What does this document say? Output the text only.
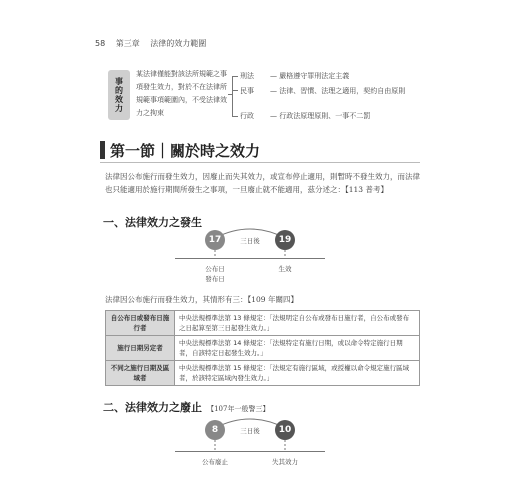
58 第三章 法律的效力範圍
事的效力
某法律僅能對該法所規範之事項發生效力，對於不在法律所規範事項範圍內，不受法律效力之拘束
刑法 — 嚴格遵守罪刑法定主義
民事 — 法律、習慣、法理之適用，契約自由原則
行政 — 行政法原理原則、一事不二罰
第一節｜關於時之效力
法律因公布施行而發生效力，因廢止而失其效力，或宣布停止適用，則暫時不發生效力，而法律也只能適用於施行期間所發生之事項，一旦廢止就不能適用，茲分述之：【113 普考】
一、法律效力之發生
17	19
三日後
公布日
發布日
生效
法律因公布施行而發生效力，其情形有三：【109 年關四】
自公布日或發布日施行者	中央法規標準法第 13 條規定：「法規明定自公布或發布日施行者，自公布或發布之日起算至第三日起發生效力。」
施行日期另定者	中央法規標準法第 14 條規定：「法規特定有施行日期，或以命令特定施行日期者，自該特定日起發生效力。」
不同之施行日期及區域者	中央法規標準法第 15 條規定：「法規定有施行區域，或授權以命令規定施行區域者，於該特定區域內發生效力。」
二、法律效力之廢止 【107年一般警三】
8	10
三日後
公布廢止	失其效力
